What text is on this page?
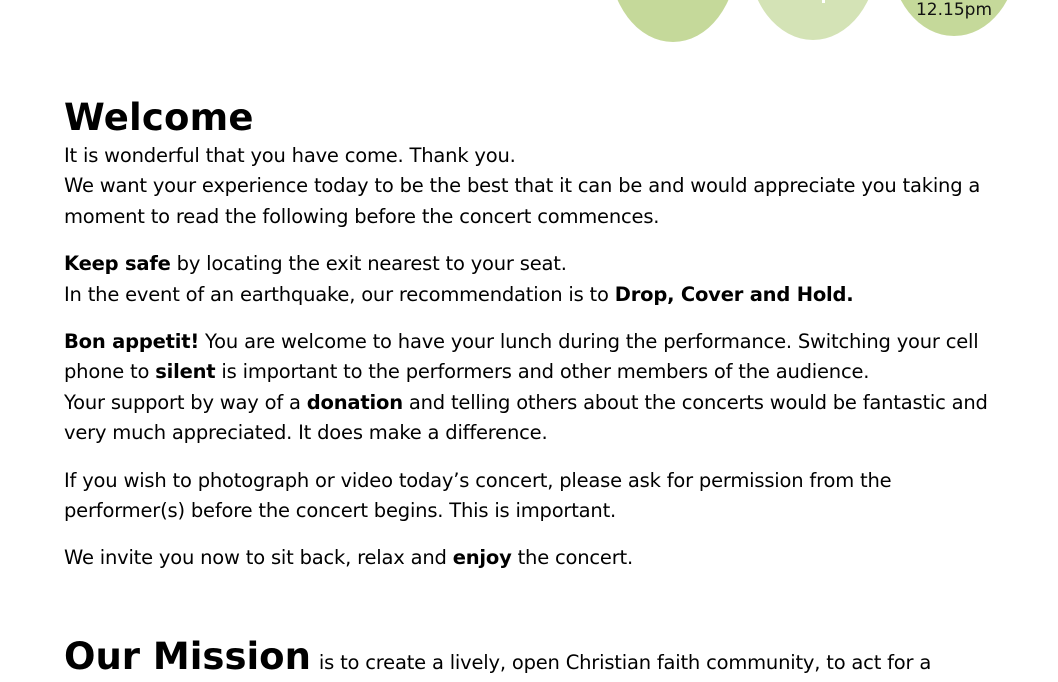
12.15pm
Welcome

It is wonderful that you have come. Thank you.
We want your experience today to be the best that it can be and would appreciate you taking a moment to read the following before the concert commences.

Keep safe by locating the exit nearest to your seat.
In the event of an earthquake, our recommendation is to Drop, Cover and Hold.

Bon appetit! You are welcome to have your lunch during the performance. Switching your cell phone to silent is important to the performers and other members of the audience.
Your support by way of a donation and telling others about the concerts would be fantastic and very much appreciated. It does make a difference.

If you wish to photograph or video today’s concert, please ask for permission from the performer(s) before the concert begins. This is important.

We invite you now to sit back, relax and enjoy the concert.

Our Mission is to create a lively, open Christian faith community, to act for a
